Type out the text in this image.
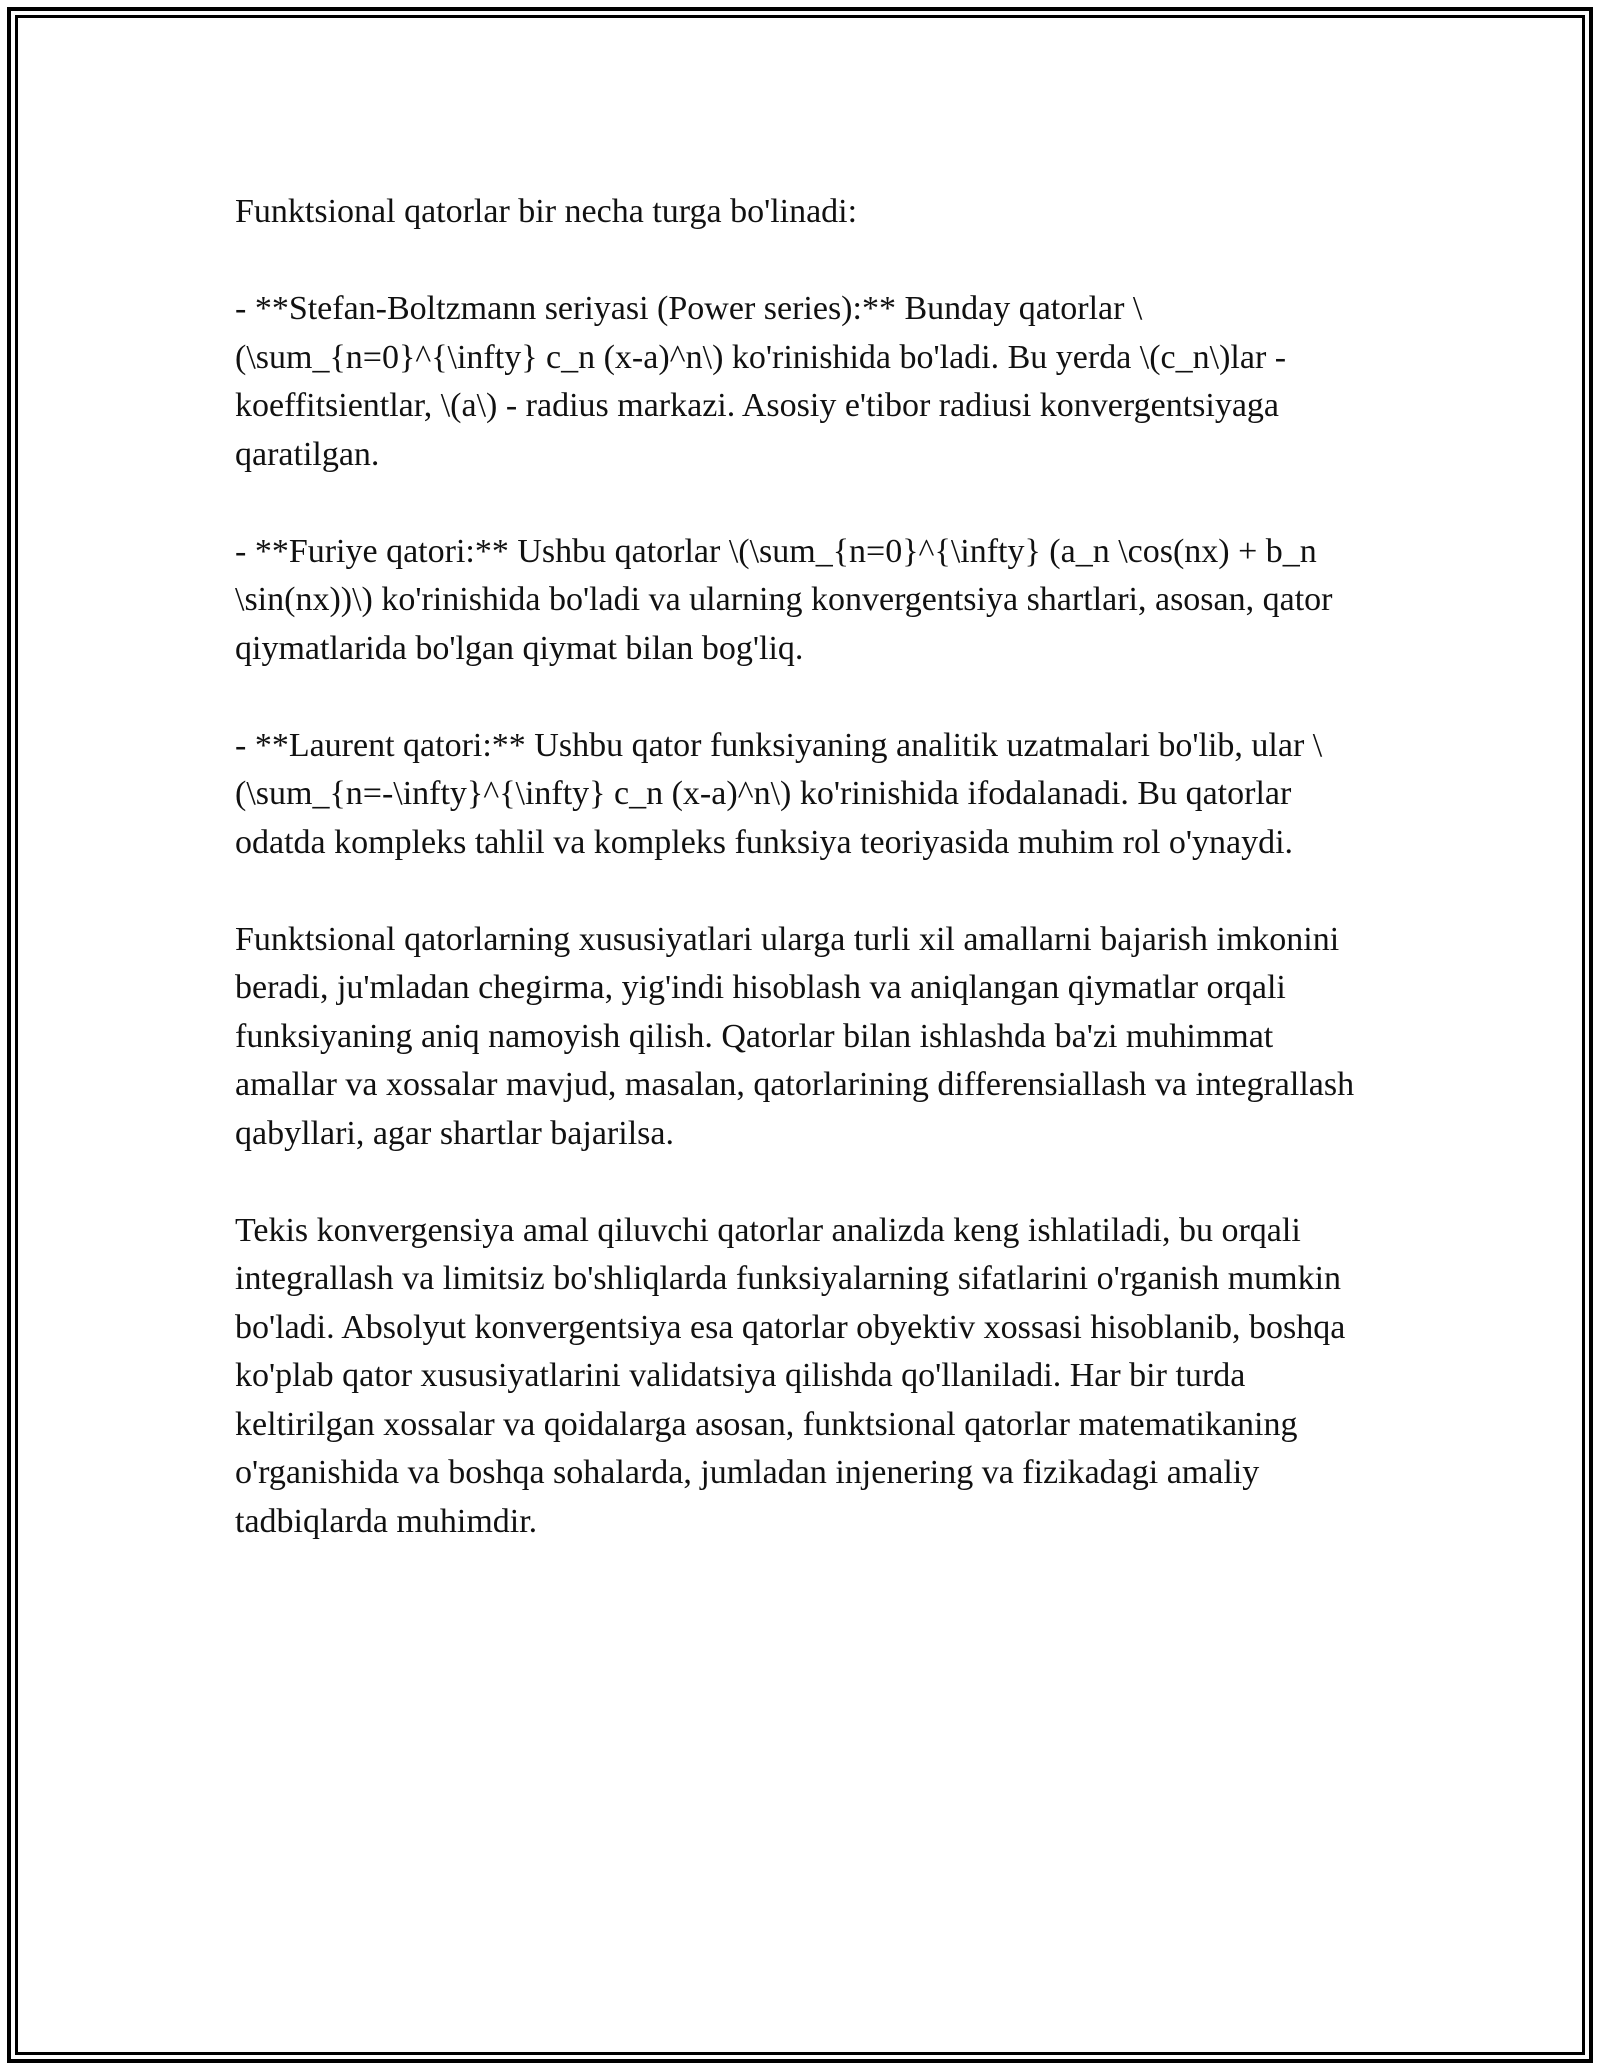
Funktsional qatorlar bir necha turga bo'linadi:

- **Stefan-Boltzmann seriyasi (Power series):** Bunday qatorlar \(\sum_{n=0}^{\infty} c_n (x-a)^n\) ko'rinishida bo'ladi. Bu yerda \(c_n\)lar - koeffitsientlar, \(a\) - radius markazi. Asosiy e'tibor radiusi konvergentsiyaga qaratilgan.

- **Furiye qatori:** Ushbu qatorlar \(\sum_{n=0}^{\infty} (a_n \cos(nx) + b_n \sin(nx))\) ko'rinishida bo'ladi va ularning konvergentsiya shartlari, asosan, qator qiymatlarida bo'lgan qiymat bilan bog'liq.

- **Laurent qatori:** Ushbu qator funksiyaning analitik uzatmalari bo'lib, ular \(\sum_{n=-\infty}^{\infty} c_n (x-a)^n\) ko'rinishida ifodalanadi. Bu qatorlar odatda kompleks tahlil va kompleks funksiya teoriyasida muhim rol o'ynaydi.

Funktsional qatorlarning xususiyatlari ularga turli xil amallarni bajarish imkonini beradi, ju'mladan chegirma, yig'indi hisoblash va aniqlangan qiymatlar orqali funksiyaning aniq namoyish qilish. Qatorlar bilan ishlashda ba'zi muhimmat amallar va xossalar mavjud, masalan, qatorlarining differensiallash va integrallash qabyllari, agar shartlar bajarilsa.

Tekis konvergensiya amal qiluvchi qatorlar analizda keng ishlatiladi, bu orqali integrallash va limitsiz bo'shliqlarda funksiyalarning sifatlarini o'rganish mumkin bo'ladi. Absolyut konvergentsiya esa qatorlar obyektiv xossasi hisoblanib, boshqa ko'plab qator xususiyatlarini validatsiya qilishda qo'llaniladi. Har bir turda keltirilgan xossalar va qoidalarga asosan, funktsional qatorlar matematikaning o'rganishida va boshqa sohalarda, jumladan injenering va fizikadagi amaliy tadbiqlarda muhimdir.
